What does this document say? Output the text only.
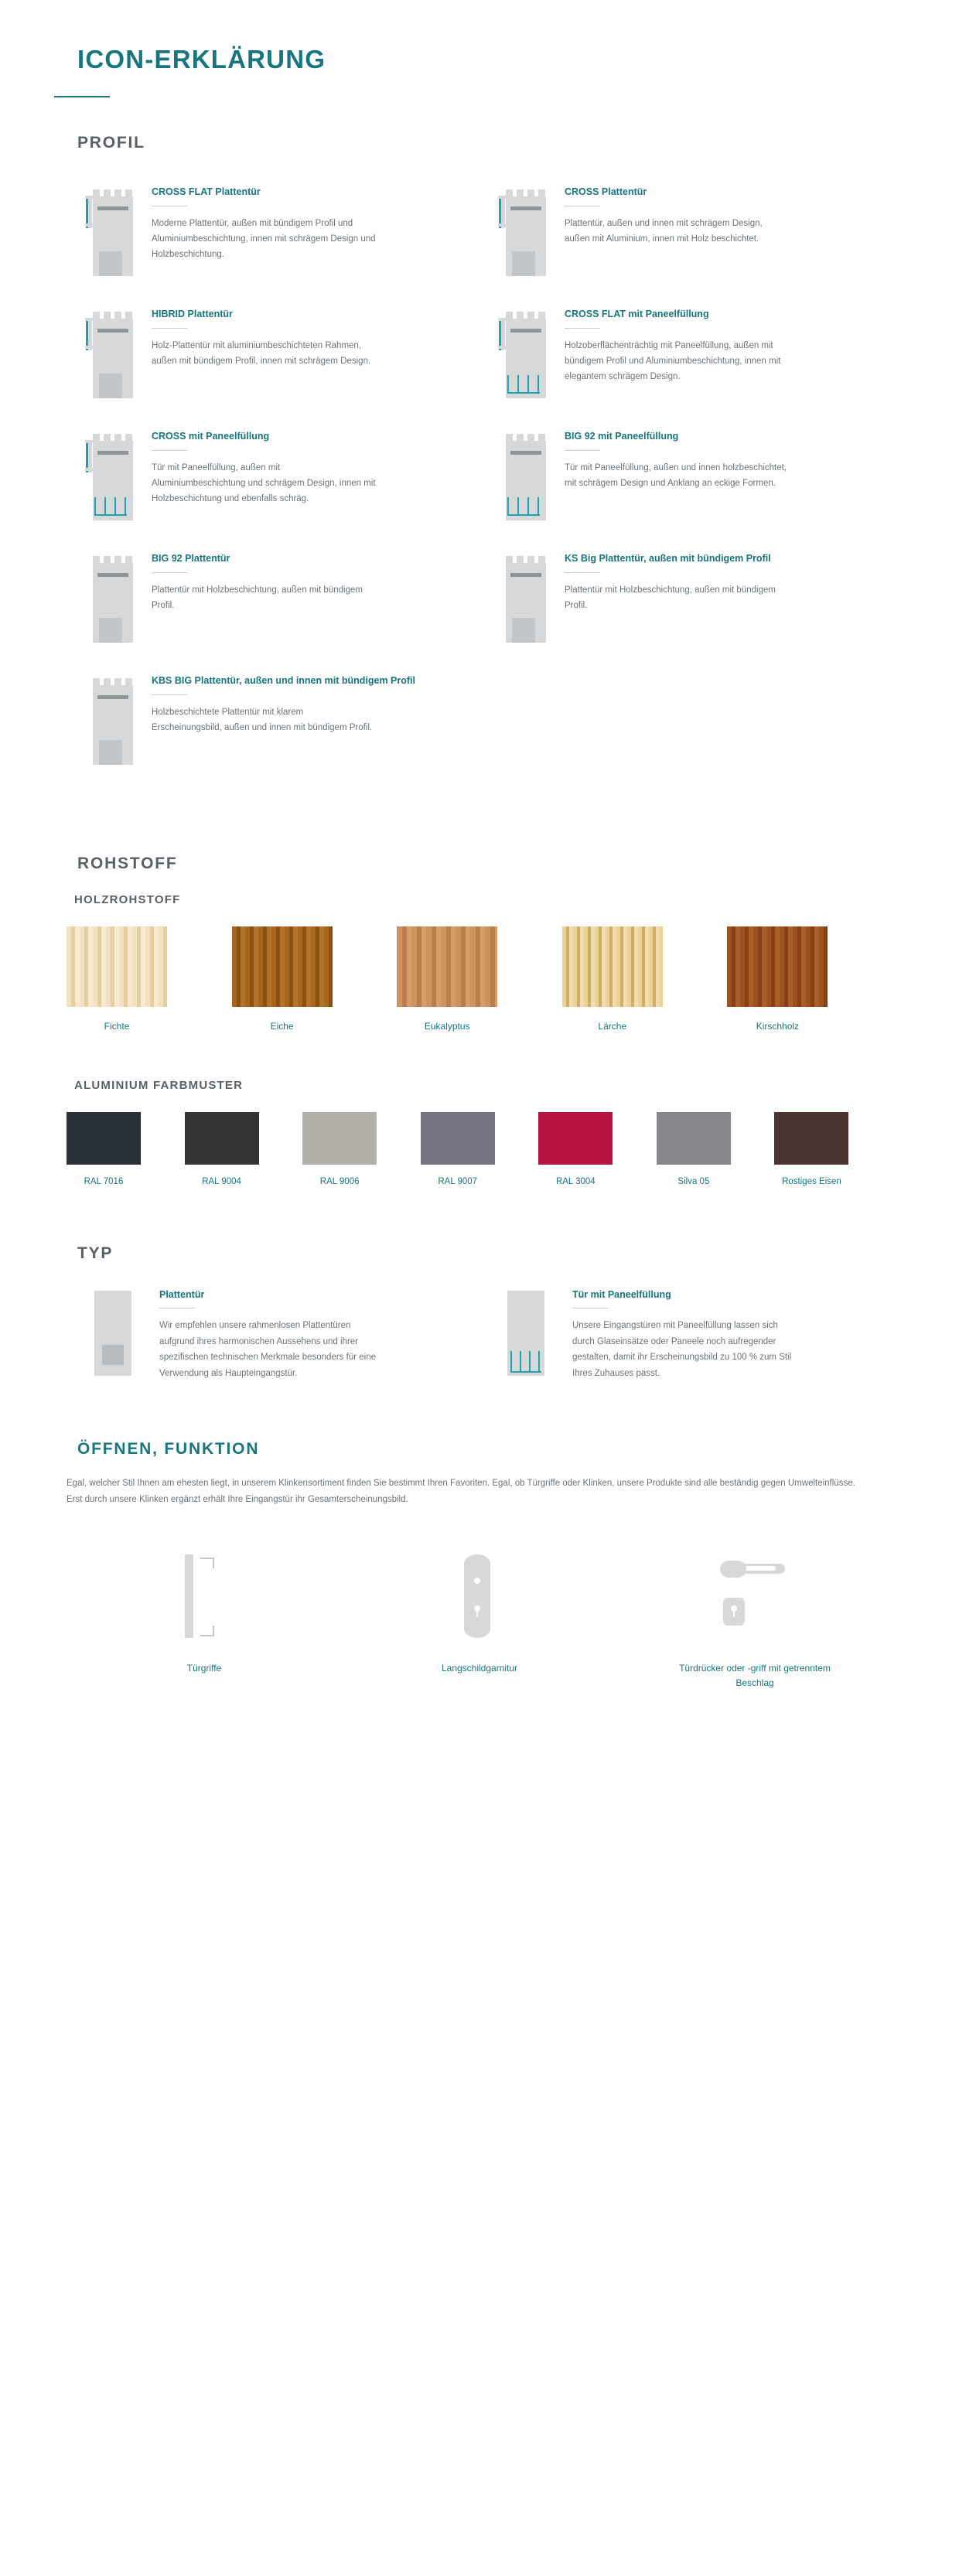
ICON-ERKLÄRUNG
PROFIL
CROSS FLAT Plattentür
Moderne Plattentür, außen mit bündigem Profil und Aluminiumbeschichtung, innen mit schrägem Design und Holzbeschichtung.
CROSS Plattentür
Plattentür, außen und innen mit schrägem Design, außen mit Aluminium, innen mit Holz beschichtet.
HIBRID Plattentür
Holz-Plattentür mit aluminiumbeschichteten Rahmen, außen mit bündigem Profil, innen mit schrägem Design.
CROSS FLAT mit Paneelfüllung
Holzoberflächenträchtig mit Paneelfüllung, außen mit bündigem Profil und Aluminiumbeschichtung, innen mit elegantem schrägem Design.
CROSS mit Paneelfüllung
Tür mit Paneelfüllung, außen mit Aluminiumbeschichtung und schrägem Design, innen mit Holzbeschichtung und ebenfalls schräg.
BIG 92 mit Paneelfüllung
Tür mit Paneelfüllung, außen und innen holzbeschichtet, mit schrägem Design und Anklang an eckige Formen.
BIG 92 Plattentür
Plattentür mit Holzbeschichtung, außen mit bündigem Profil.
KS Big Plattentür, außen mit bündigem Profil
Plattentür mit Holzbeschichtung, außen mit bündigem Profil.
KBS BIG Plattentür, außen und innen mit bündigem Profil
Holzbeschichtete Plattentür mit klarem Erscheinungsbild, außen und innen mit bündigem Profil.
ROHSTOFF
HOLZROHSTOFF
Fichte	Eiche	Eukalyptus	Lärche	Kirschholz
ALUMINIUM FARBMUSTER
RAL 7016	RAL 9004	RAL 9006	RAL 9007	RAL 3004	Silva 05	Rostiges Eisen
TYP
Plattentür
Wir empfehlen unsere rahmenlosen Plattentüren aufgrund ihres harmonischen Aussehens und ihrer spezifischen technischen Merkmale besonders für eine Verwendung als Haupteingangstür.
Tür mit Paneelfüllung
Unsere Eingangstüren mit Paneelfüllung lassen sich durch Glaseinsätze oder Paneele noch aufregender gestalten, damit ihr Erscheinungsbild zu 100 % zum Stil Ihres Zuhauses passt.
ÖFFNEN, FUNKTION

Egal, welcher Stil Ihnen am ehesten liegt, in unserem Klinkensortiment finden Sie bestimmt Ihren Favoriten. Egal, ob Türgriffe oder Klinken, unsere Produkte sind alle beständig gegen Umwelteinflüsse. Erst durch unsere Klinken ergänzt erhält Ihre Eingangstür ihr Gesamterscheinungsbild.

Türgriffe	Langschildgarnitur	Türdrücker oder -griff mit getrenntem Beschlag
